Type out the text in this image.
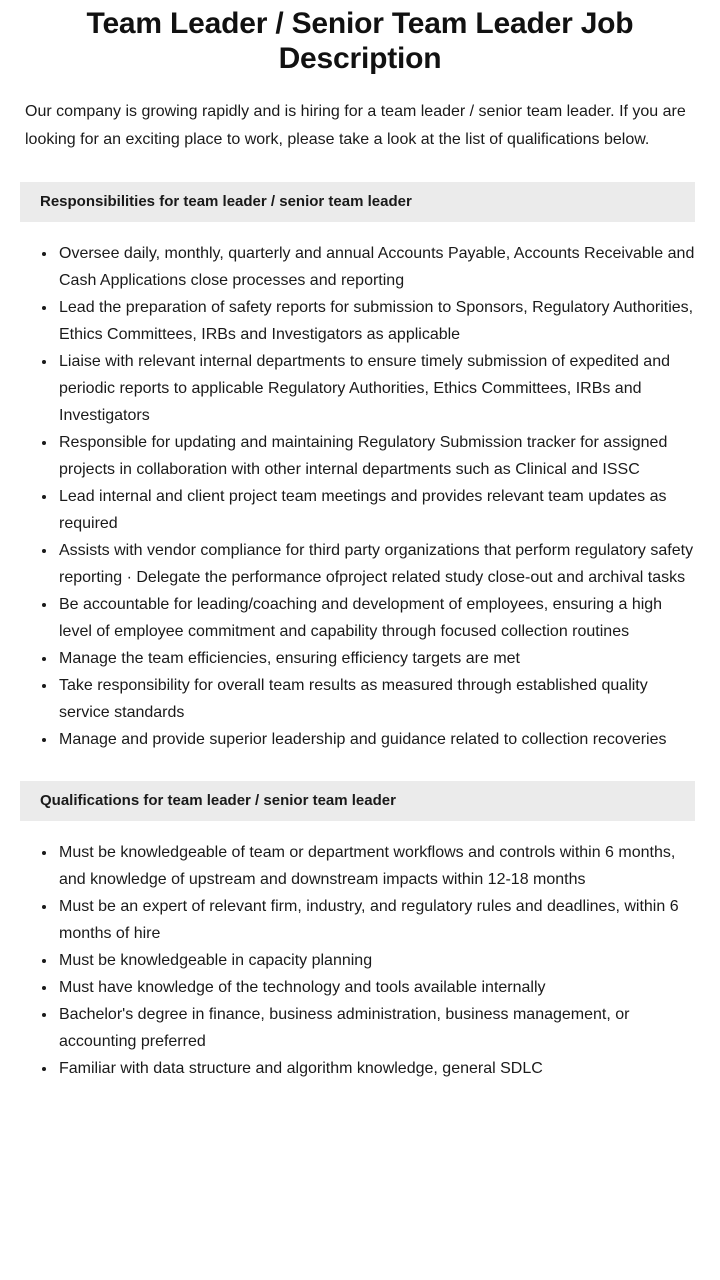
Team Leader / Senior Team Leader Job Description

Our company is growing rapidly and is hiring for a team leader / senior team leader. If you are looking for an exciting place to work, please take a look at the list of qualifications below.

Responsibilities for team leader / senior team leader
Oversee daily, monthly, quarterly and annual Accounts Payable, Accounts Receivable and Cash Applications close processes and reporting
Lead the preparation of safety reports for submission to Sponsors, Regulatory Authorities, Ethics Committees, IRBs and Investigators as applicable
Liaise with relevant internal departments to ensure timely submission of expedited and periodic reports to applicable Regulatory Authorities, Ethics Committees, IRBs and Investigators
Responsible for updating and maintaining Regulatory Submission tracker for assigned projects in collaboration with other internal departments such as Clinical and ISSC
Lead internal and client project team meetings and provides relevant team updates as required
Assists with vendor compliance for third party organizations that perform regulatory safety reporting · Delegate the performance ofproject related study close-out and archival tasks
Be accountable for leading/coaching and development of employees, ensuring a high level of employee commitment and capability through focused collection routines
Manage the team efficiencies, ensuring efficiency targets are met
Take responsibility for overall team results as measured through established quality service standards
Manage and provide superior leadership and guidance related to collection recoveries
Qualifications for team leader / senior team leader
Must be knowledgeable of team or department workflows and controls within 6 months, and knowledge of upstream and downstream impacts within 12-18 months
Must be an expert of relevant firm, industry, and regulatory rules and deadlines, within 6 months of hire
Must be knowledgeable in capacity planning
Must have knowledge of the technology and tools available internally
Bachelor's degree in finance, business administration, business management, or accounting preferred
Familiar with data structure and algorithm knowledge, general SDLC
